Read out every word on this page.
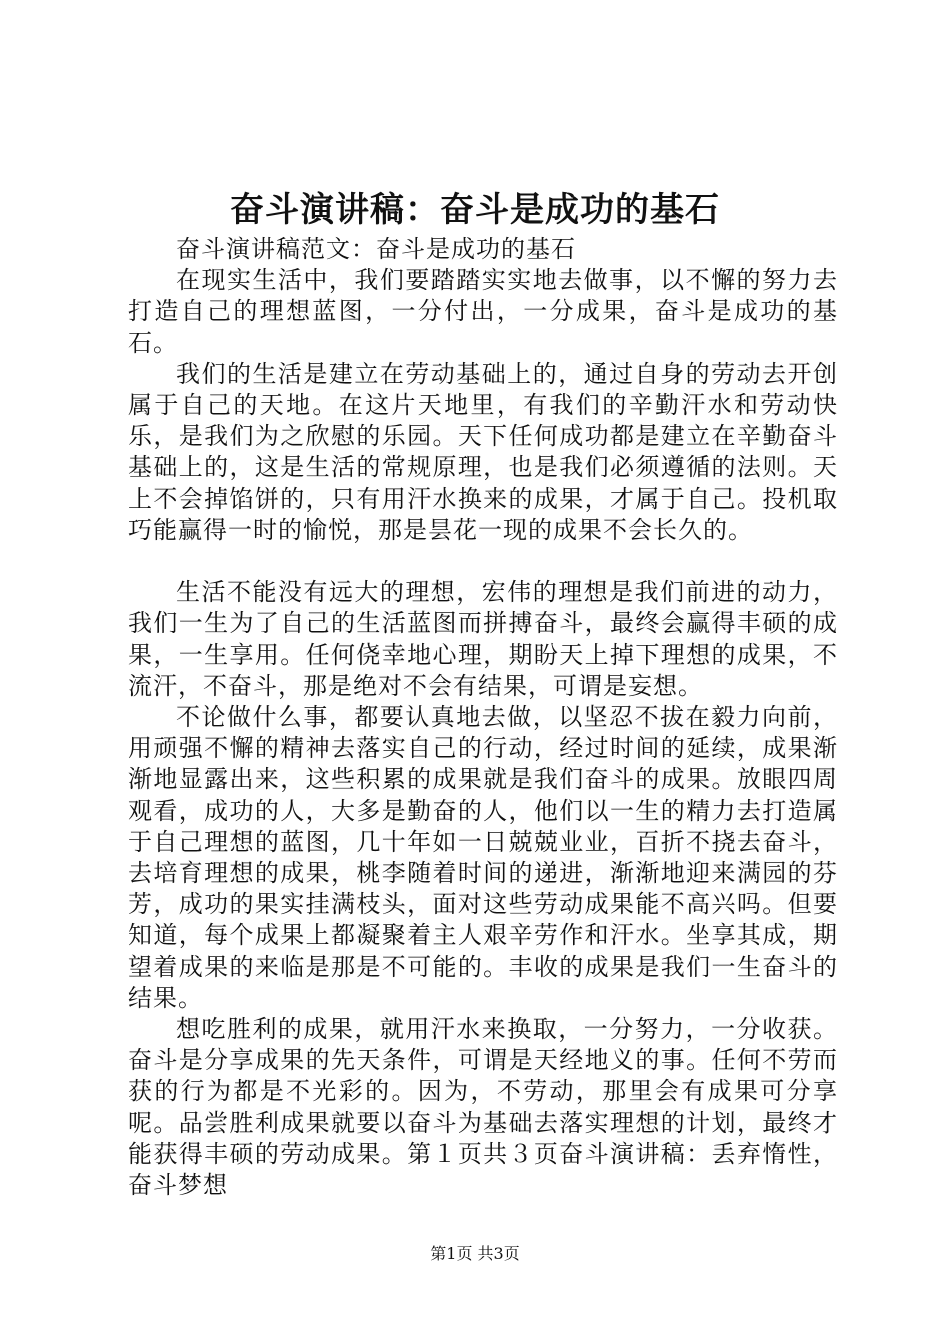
奋斗演讲稿：奋斗是成功的基石

奋斗演讲稿范文：奋斗是成功的基石

在现实生活中，我们要踏踏实实地去做事，以不懈的努力去打造自己的理想蓝图，一分付出，一分成果，奋斗是成功的基石。

我们的生活是建立在劳动基础上的，通过自身的劳动去开创属于自己的天地。在这片天地里，有我们的辛勤汗水和劳动快乐，是我们为之欣慰的乐园。天下任何成功都是建立在辛勤奋斗基础上的，这是生活的常规原理，也是我们必须遵循的法则。天上不会掉馅饼的，只有用汗水换来的成果，才属于自己。投机取巧能赢得一时的愉悦，那是昙花一现的成果不会长久的。

生活不能没有远大的理想，宏伟的理想是我们前进的动力，我们一生为了自己的生活蓝图而拼搏奋斗，最终会赢得丰硕的成果，一生享用。任何侥幸地心理，期盼天上掉下理想的成果，不流汗，不奋斗，那是绝对不会有结果，可谓是妄想。

不论做什么事，都要认真地去做，以坚忍不拔在毅力向前，用顽强不懈的精神去落实自己的行动，经过时间的延续，成果渐渐地显露出来，这些积累的成果就是我们奋斗的成果。放眼四周观看，成功的人，大多是勤奋的人，他们以一生的精力去打造属于自己理想的蓝图，几十年如一日兢兢业业，百折不挠去奋斗，去培育理想的成果，桃李随着时间的递进，渐渐地迎来满园的芬芳，成功的果实挂满枝头，面对这些劳动成果能不高兴吗。但要知道，每个成果上都凝聚着主人艰辛劳作和汗水。坐享其成，期望着成果的来临是那是不可能的。丰收的成果是我们一生奋斗的结果。

想吃胜利的成果，就用汗水来换取，一分努力，一分收获。奋斗是分享成果的先天条件，可谓是天经地义的事。任何不劳而获的行为都是不光彩的。因为，不劳动，那里会有成果可分享呢。品尝胜利成果就要以奋斗为基础去落实理想的计划，最终才能获得丰硕的劳动成果。第１页共３页奋斗演讲稿：丢弃惰性，奋斗梦想

第1页 共3页
